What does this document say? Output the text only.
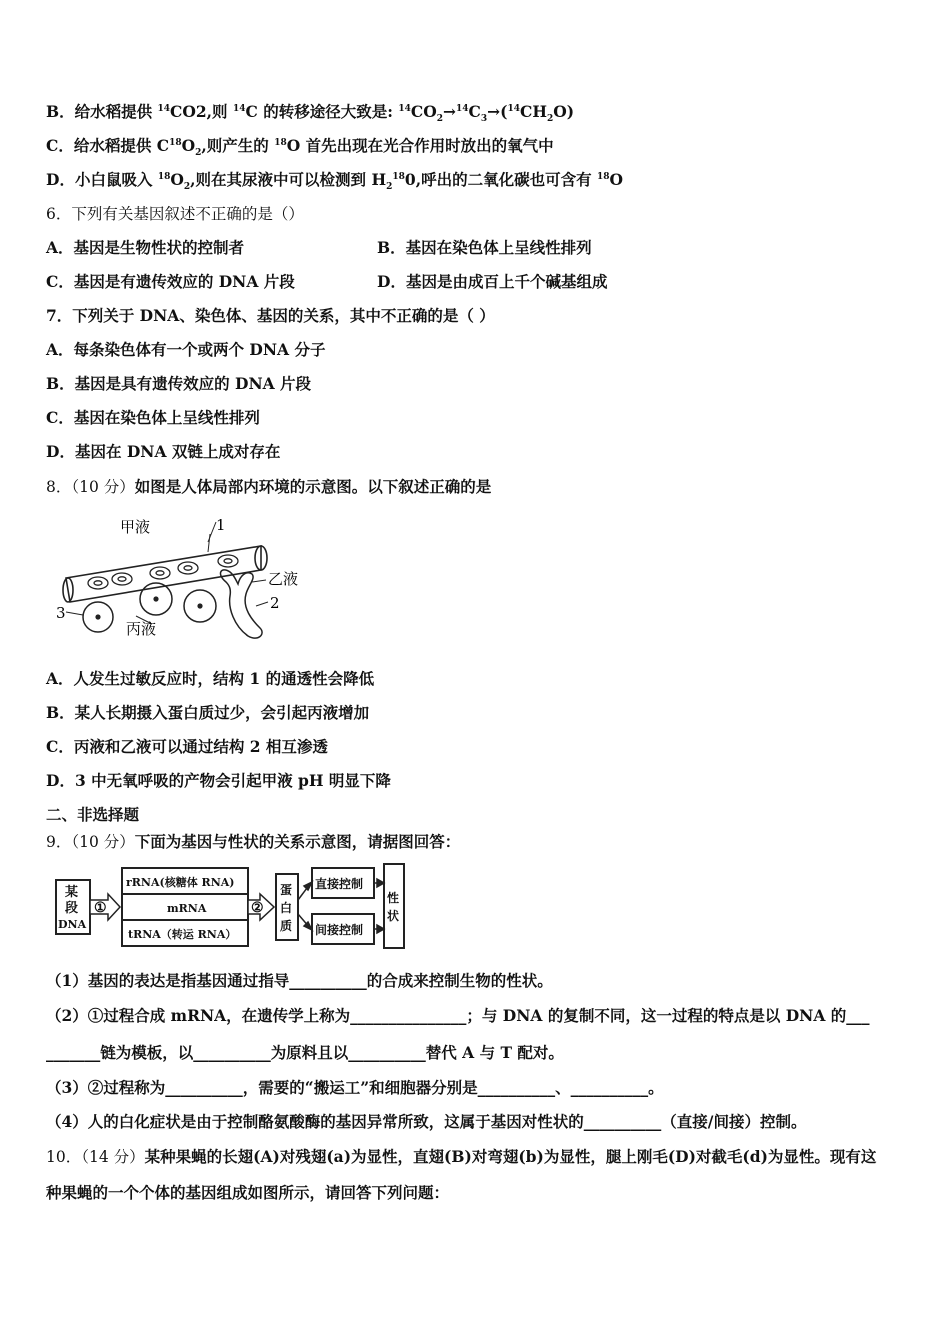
B．给水稻提供 $^{14}$CO2,则 $^{14}$C 的转移途径大致是: $^{14}CO_2\to^{14}C_3\to(^{14}CH_2O)$
C．给水稻提供 $C^{18}O_2$,则产生的 $^{18}$O 首先出现在光合作用时放出的氧气中
D．小白鼠吸入 $^{18}O_2$,则在其尿液中可以检测到 $H_2^{18}0$,呼出的二氧化碳也可含有 $^{18}$O
6．下列有关基因叙述不正确的是（）
A．基因是生物性状的控制者	B．基因在染色体上呈线性排列
C．基因是有遗传效应的 DNA 片段	D．基因是由成百上千个碱基组成
7．下列关于 DNA、染色体、基因的关系，其中不正确的是（ ）
A．每条染色体有一个或两个 DNA 分子
B．基因是具有遗传效应的 DNA 片段
C．基因在染色体上呈线性排列
D．基因在 DNA 双链上成对存在
8．（10 分）如图是人体局部内环境的示意图。以下叙述正确的是
甲液	1
乙液
2
3
丙液
A．人发生过敏反应时，结构 1 的通透性会降低
B．某人长期摄入蛋白质过少，会引起丙液增加
C．丙液和乙液可以通过结构 2 相互渗透
D．3 中无氧呼吸的产物会引起甲液 pH 明显下降
二、非选择题
9．（10 分）下面为基因与性状的关系示意图，请据图回答：
某
段
DNA
①
rRNA(核糖体 RNA)
mRNA
tRNA（转运 RNA）
②
蛋
白
质
直接控制
间接控制
性
状
（1）基因的表达是指基因通过指导__________的合成来控制生物的性状。
（2）①过程合成 mRNA，在遗传学上称为_______________；与 DNA 的复制不同，这一过程的特点是以 DNA 的___
_______链为模板，以__________为原料且以__________替代 A 与 T 配对。
（3）②过程称为__________，需要的“搬运工”和细胞器分别是__________、__________。
（4）人的白化症状是由于控制酪氨酸酶的基因异常所致，这属于基因对性状的__________（直接/间接）控制。
10．（14 分）某种果蝇的长翅(A)对残翅(a)为显性，直翅(B)对弯翅(b)为显性，腿上刚毛(D)对截毛(d)为显性。现有这
种果蝇的一个个体的基因组成如图所示，请回答下列问题：
